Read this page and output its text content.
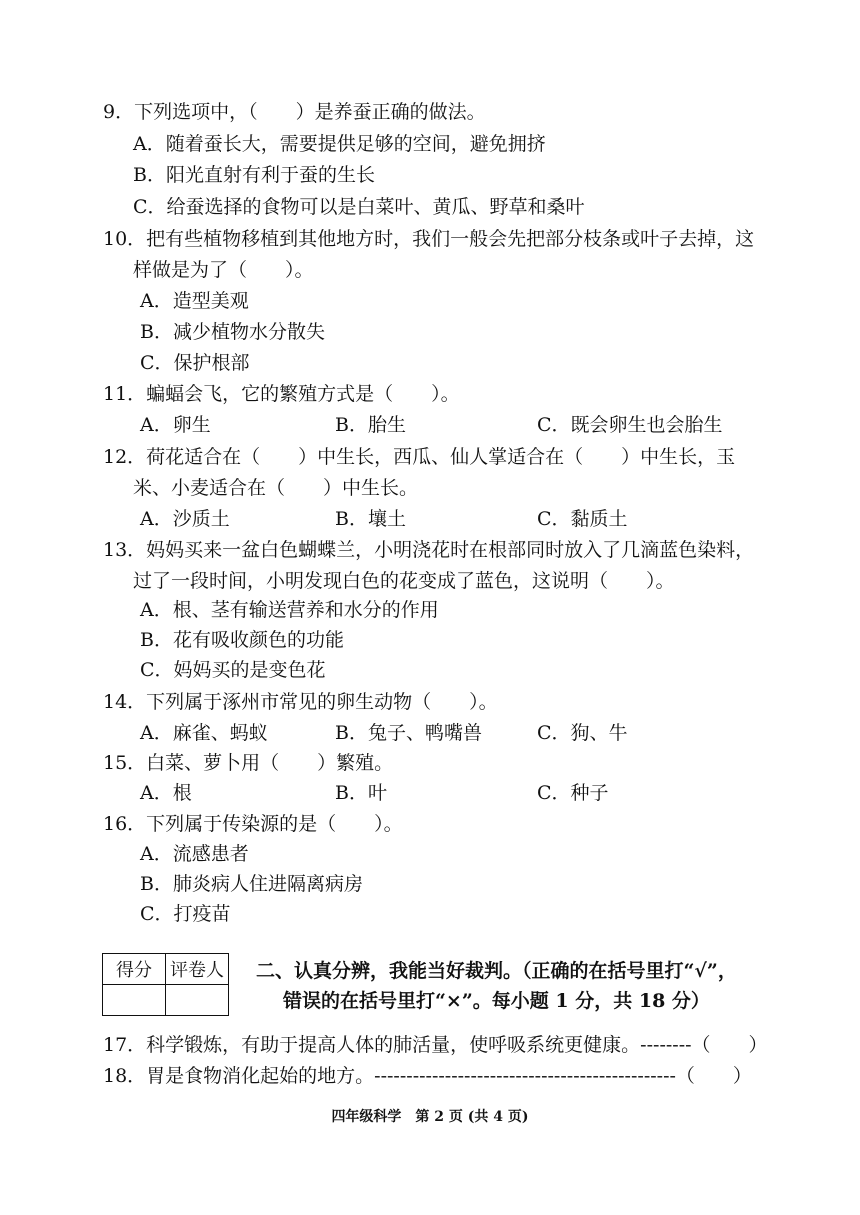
9．下列选项中，（　　）是养蚕正确的做法。
A．随着蚕长大，需要提供足够的空间，避免拥挤
B．阳光直射有利于蚕的生长
C．给蚕选择的食物可以是白菜叶、黄瓜、野草和桑叶
10．把有些植物移植到其他地方时，我们一般会先把部分枝条或叶子去掉，这
样做是为了（　　）。
A．造型美观
B．减少植物水分散失
C．保护根部
11．蝙蝠会飞，它的繁殖方式是（　　）。
A．卵生	B．胎生	C．既会卵生也会胎生
12．荷花适合在（　　）中生长，西瓜、仙人掌适合在（　　）中生长，玉
米、小麦适合在（　　）中生长。
A．沙质土	B．壤土	C．黏质土
13．妈妈买来一盆白色蝴蝶兰，小明浇花时在根部同时放入了几滴蓝色染料，
过了一段时间，小明发现白色的花变成了蓝色，这说明（　　）。
A．根、茎有输送营养和水分的作用
B．花有吸收颜色的功能
C．妈妈买的是变色花
14．下列属于涿州市常见的卵生动物（　　）。
A．麻雀、蚂蚁	B．兔子、鸭嘴兽	C．狗、牛
15．白菜、萝卜用（　　）繁殖。
A．根	B．叶	C．种子
16．下列属于传染源的是（　　）。
A．流感患者
B．肺炎病人住进隔离病房
C．打疫苗
得分	评卷人
	二、认真分辨，我能当好裁判。（正确的在括号里打“√”，
错误的在括号里打“×”。每小题 1 分，共 18 分）
17．科学锻炼，有助于提高人体的肺活量，使呼吸系统更健康。--------（　　）
18．胃是食物消化起始的地方。-----------------------------------------------（　　）
四年级科学　第 2 页 (共 4 页)
